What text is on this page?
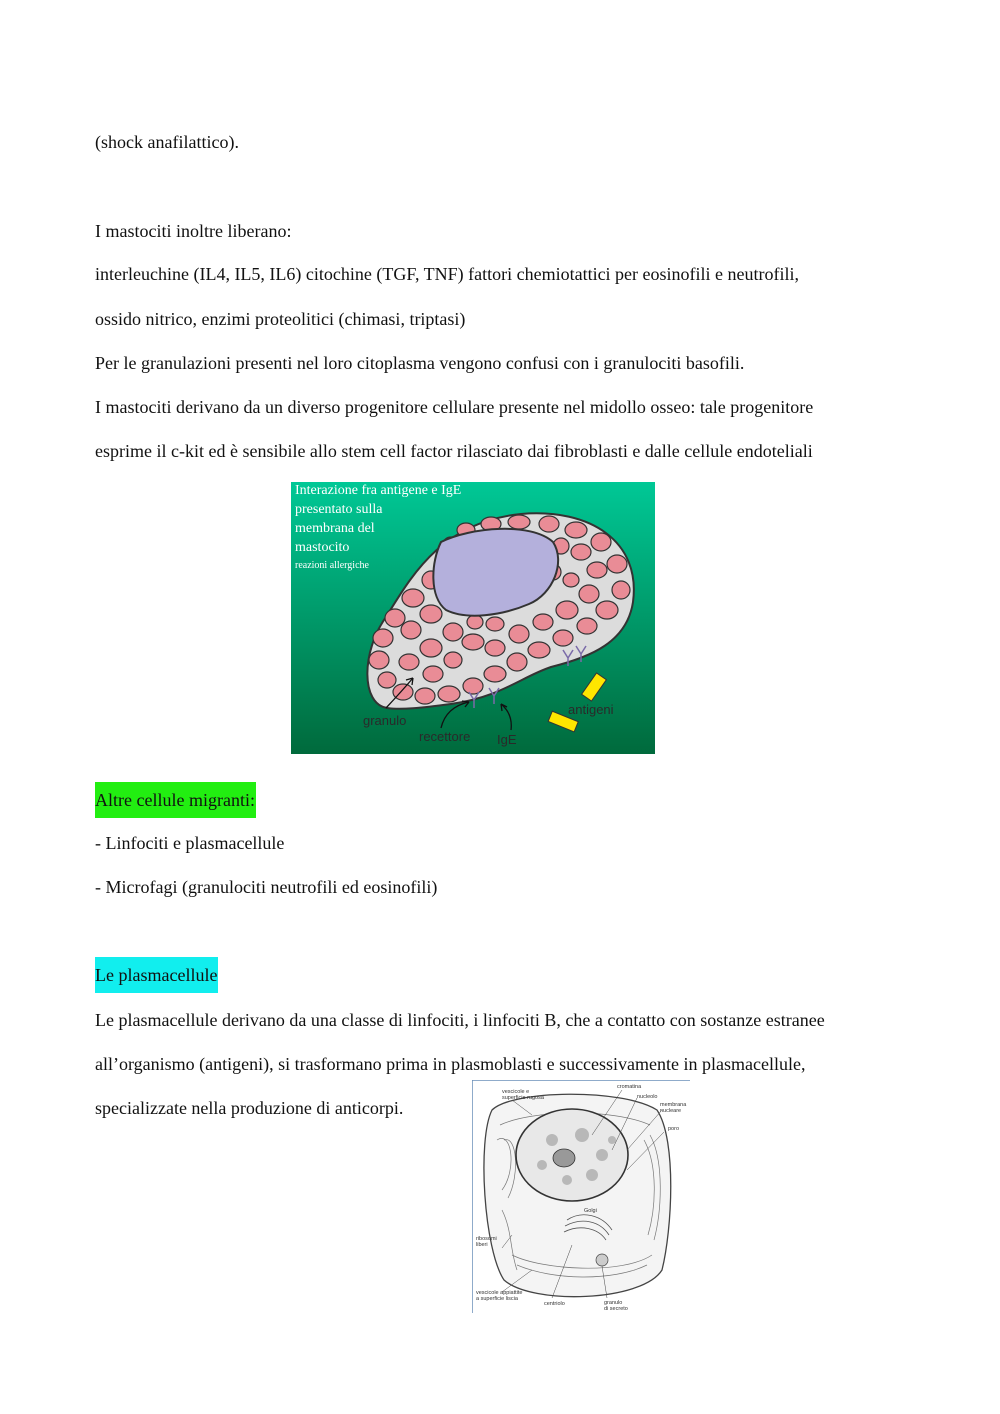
(shock anafilattico).
I mastociti inoltre liberano:
interleuchine (IL4, IL5, IL6) citochine (TGF, TNF) fattori chemiotattici per eosinofili e neutrofili,
ossido nitrico, enzimi proteolitici (chimasi, triptasi)
Per le granulazioni presenti nel loro citoplasma vengono confusi con i granulociti basofili.
I mastociti derivano da un diverso progenitore cellulare presente nel midollo osseo: tale progenitore
esprime il c-kit ed è sensibile allo stem cell factor rilasciato dai fibroblasti e dalle cellule endoteliali
Interazione fra antigene e IgE
presentato sulla
membrana del
mastocito
reazioni allergiche
granulo
recettore IgE
antigeni
Altre cellule migranti:
- Linfociti e plasmacellule
- Microfagi (granulociti neutrofili ed eosinofili)
Le plasmacellule
Le plasmacellule derivano da una classe di linfociti, i linfociti B, che a contatto con sostanze estranee
all’organismo (antigeni), si trasformano prima in plasmoblasti e successivamente in plasmacellule,
specializzate nella produzione di anticorpi.
vescicole e
superficie rugosa
cromatina
nucleolo
membrana
nucleare
poro
Golgi
ribosomi
liberi
vescicole appiattite
a superficie liscia
centriolo	granulo
di secreto
